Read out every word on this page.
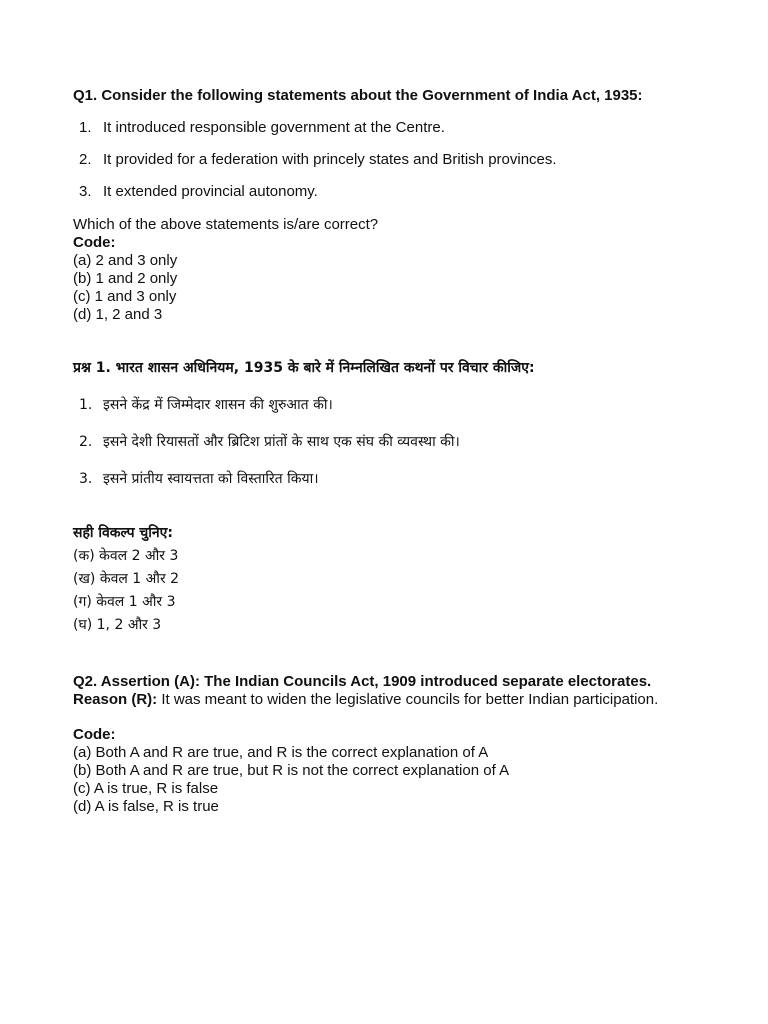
Q1. Consider the following statements about the Government of India Act, 1935:
1. It introduced responsible government at the Centre.
2. It provided for a federation with princely states and British provinces.
3. It extended provincial autonomy.
Which of the above statements is/are correct?
Code:
(a) 2 and 3 only
(b) 1 and 2 only
(c) 1 and 3 only
(d) 1, 2 and 3
प्रश्न 1. भारत शासन अधिनियम, 1935 के बारे में निम्नलिखित कथनों पर विचार कीजिए:
1. इसने केंद्र में जिम्मेदार शासन की शुरुआत की।
2. इसने देशी रियासतों और ब्रिटिश प्रांतों के साथ एक संघ की व्यवस्था की।
3. इसने प्रांतीय स्वायत्तता को विस्तारित किया।
सही विकल्प चुनिए:
(क) केवल 2 और 3
(ख) केवल 1 और 2
(ग) केवल 1 और 3
(घ) 1, 2 और 3
Q2. Assertion (A): The Indian Councils Act, 1909 introduced separate electorates.
Reason (R): It was meant to widen the legislative councils for better Indian participation.
Code:
(a) Both A and R are true, and R is the correct explanation of A
(b) Both A and R are true, but R is not the correct explanation of A
(c) A is true, R is false
(d) A is false, R is true
